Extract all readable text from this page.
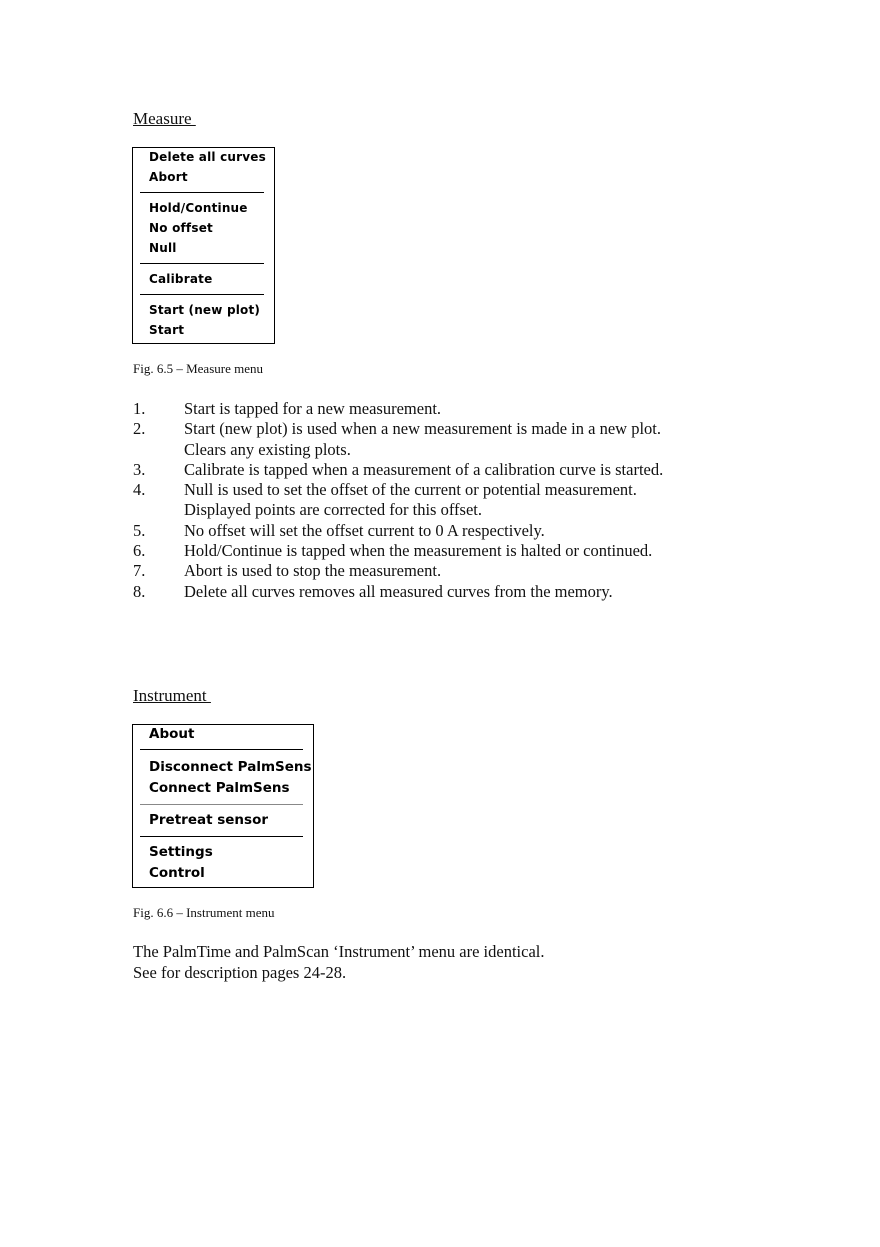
Measure
Delete all curves
Abort
Hold/Continue
No offset
Null
Calibrate
Start (new plot)
Start
Fig. 6.5 – Measure menu
1. Start is tapped for a new measurement.
2. Start (new plot) is used when a new measurement is made in a new plot. Clears any existing plots.
3. Calibrate is tapped when a measurement of a calibration curve is started.
4. Null is used to set the offset of the current or potential measurement. Displayed points are corrected for this offset.
5. No offset will set the offset current to 0 A respectively.
6. Hold/Continue is tapped when the measurement is halted or continued.
7. Abort is used to stop the measurement.
8. Delete all curves removes all measured curves from the memory.
Instrument
About
Disconnect PalmSens
Connect PalmSens
Pretreat sensor
Settings
Control
Fig. 6.6 – Instrument menu
The PalmTime and PalmScan ‘Instrument’ menu are identical.
See for description pages 24-28.
